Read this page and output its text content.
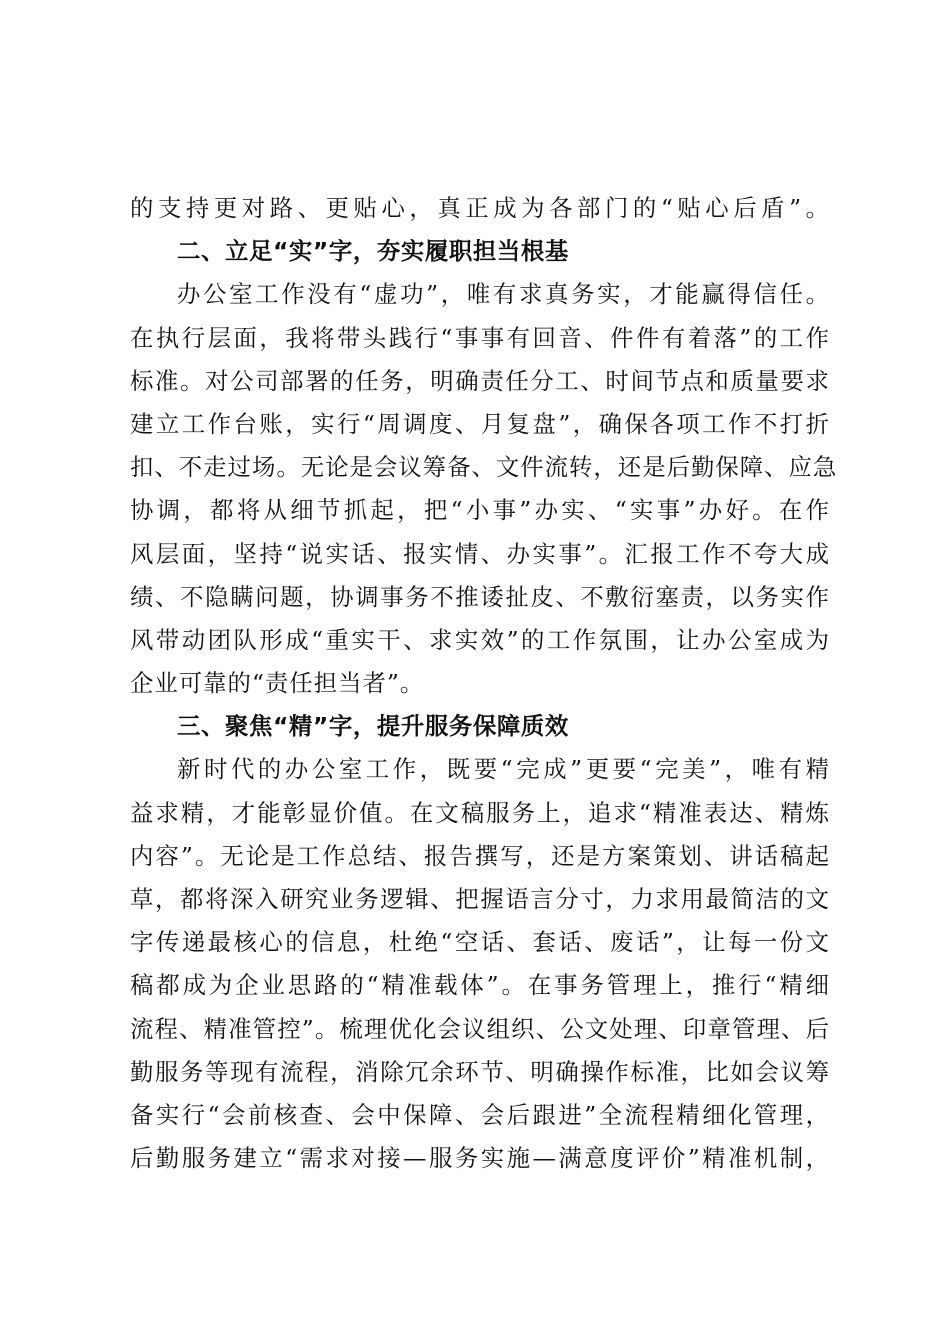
的支持更对路、更贴心，真正成为各部门的“贴心后盾”。
二、立足“实”字，夯实履职担当根基
办公室工作没有“虚功”，唯有求真务实，才能赢得信任。
在执行层面，我将带头践行“事事有回音、件件有着落”的工作
标准。对公司部署的任务，明确责任分工、时间节点和质量要求
建立工作台账，实行“周调度、月复盘”，确保各项工作不打折
扣、不走过场。无论是会议筹备、文件流转，还是后勤保障、应急
协调，都将从细节抓起，把“小事”办实、“实事”办好。在作
风层面，坚持“说实话、报实情、办实事”。汇报工作不夸大成
绩、不隐瞒问题，协调事务不推诿扯皮、不敷衍塞责，以务实作
风带动团队形成“重实干、求实效”的工作氛围，让办公室成为
企业可靠的“责任担当者”。
三、聚焦“精”字，提升服务保障质效
新时代的办公室工作，既要“完成”更要“完美”，唯有精
益求精，才能彰显价值。在文稿服务上，追求“精准表达、精炼
内容”。无论是工作总结、报告撰写，还是方案策划、讲话稿起
草，都将深入研究业务逻辑、把握语言分寸，力求用最简洁的文
字传递最核心的信息，杜绝“空话、套话、废话”，让每一份文
稿都成为企业思路的“精准载体”。在事务管理上，推行“精细
流程、精准管控”。梳理优化会议组织、公文处理、印章管理、后
勤服务等现有流程，消除冗余环节、明确操作标准，比如会议筹
备实行“会前核查、会中保障、会后跟进”全流程精细化管理，
后勤服务建立“需求对接—服务实施—满意度评价”精准机制，
